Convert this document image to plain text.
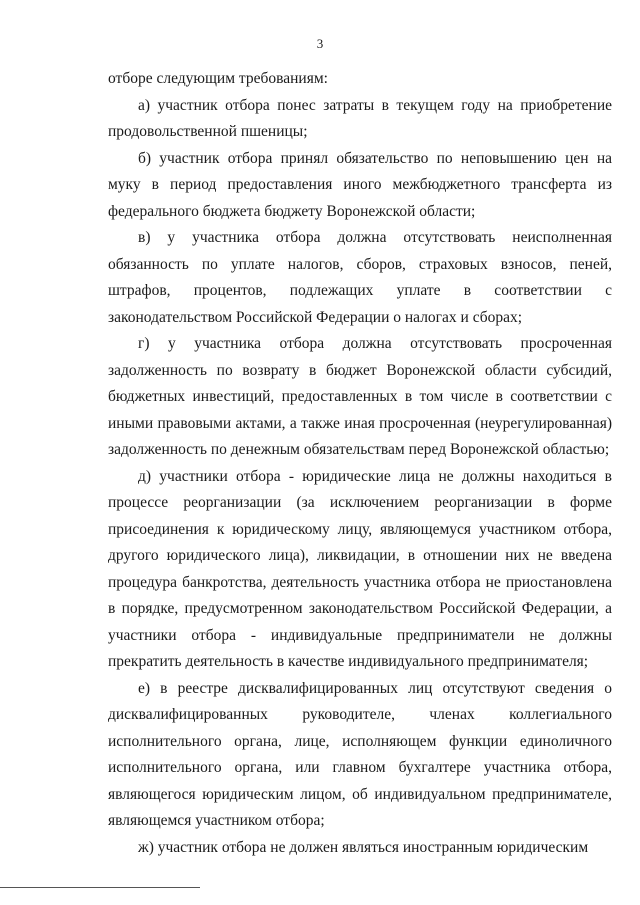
3

отборе следующим требованиям:

а) участник отбора понес затраты в текущем году на приобретение продовольственной пшеницы;

б) участник отбора принял обязательство по неповышению цен на муку в период предоставления иного межбюджетного трансферта из федерального бюджета бюджету Воронежской области;

в) у участника отбора должна отсутствовать неисполненная обязанность по уплате налогов, сборов, страховых взносов, пеней, штрафов, процентов, подлежащих уплате в соответствии с законодательством Российской Федерации о налогах и сборах;

г) у участника отбора должна отсутствовать просроченная задолженность по возврату в бюджет Воронежской области субсидий, бюджетных инвестиций, предоставленных в том числе в соответствии с иными правовыми актами, а также иная просроченная (неурегулированная) задолженность по денежным обязательствам перед Воронежской областью;

д) участники отбора - юридические лица не должны находиться в процессе реорганизации (за исключением реорганизации в форме присоединения к юридическому лицу, являющемуся участником отбора, другого юридического лица), ликвидации, в отношении них не введена процедура банкротства, деятельность участника отбора не приостановлена в порядке, предусмотренном законодательством Российской Федерации, а участники отбора - индивидуальные предприниматели не должны прекратить деятельность в качестве индивидуального предпринимателя;

е) в реестре дисквалифицированных лиц отсутствуют сведения о дисквалифицированных руководителе, членах коллегиального исполнительного органа, лице, исполняющем функции единоличного исполнительного органа, или главном бухгалтере участника отбора, являющегося юридическим лицом, об индивидуальном предпринимателе, являющемся участником отбора;

ж) участник отбора не должен являться иностранным юридическим
